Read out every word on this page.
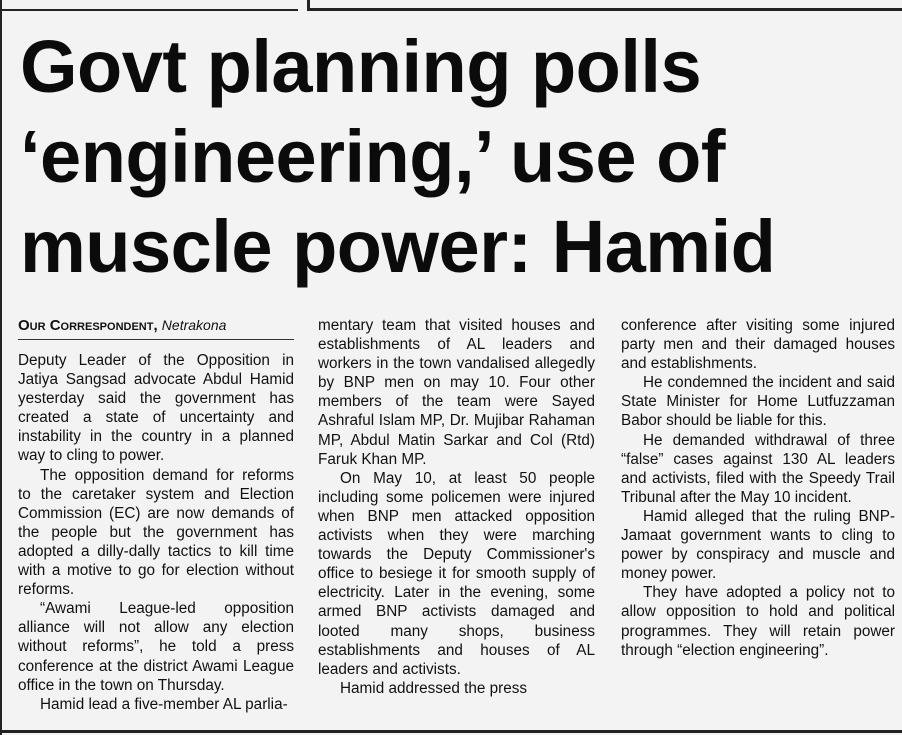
Govt planning polls
‘engineering,’ use of
muscle power: Hamid
Our Correspondent, Netrakona

Deputy Leader of the Opposition in Jatiya Sangsad advocate Abdul Hamid yesterday said the government has created a state of uncertainty and instability in the country in a planned way to cling to power.

The opposition demand for reforms to the caretaker system and Election Commission (EC) are now demands of the people but the government has adopted a dilly-dally tactics to kill time with a motive to go for election without reforms.

“Awami League-led opposition alliance will not allow any election without reforms”, he told a press conference at the district Awami League office in the town on Thursday.

Hamid lead a five-member AL parlia-

mentary team that visited houses and establishments of AL leaders and workers in the town vandalised allegedly by BNP men on may 10. Four other members of the team were Sayed Ashraful Islam MP, Dr. Mujibar Rahaman MP, Abdul Matin Sarkar and Col (Rtd) Faruk Khan MP.

On May 10, at least 50 people including some policemen were injured when BNP men attacked opposition activists when they were marching towards the Deputy Commissioner's office to besiege it for smooth supply of electricity. Later in the evening, some armed BNP activists damaged and looted many shops, business establishments and houses of AL leaders and activists.

Hamid addressed the press

conference after visiting some injured party men and their damaged houses and establishments.

He condemned the incident and said State Minister for Home Lutfuzzaman Babor should be liable for this.

He demanded withdrawal of three “false” cases against 130 AL leaders and activists, filed with the Speedy Trail Tribunal after the May 10 incident.

Hamid alleged that the ruling BNP-Jamaat government wants to cling to power by conspiracy and muscle and money power.

They have adopted a policy not to allow opposition to hold and political programmes. They will retain power through “election engineering”.
